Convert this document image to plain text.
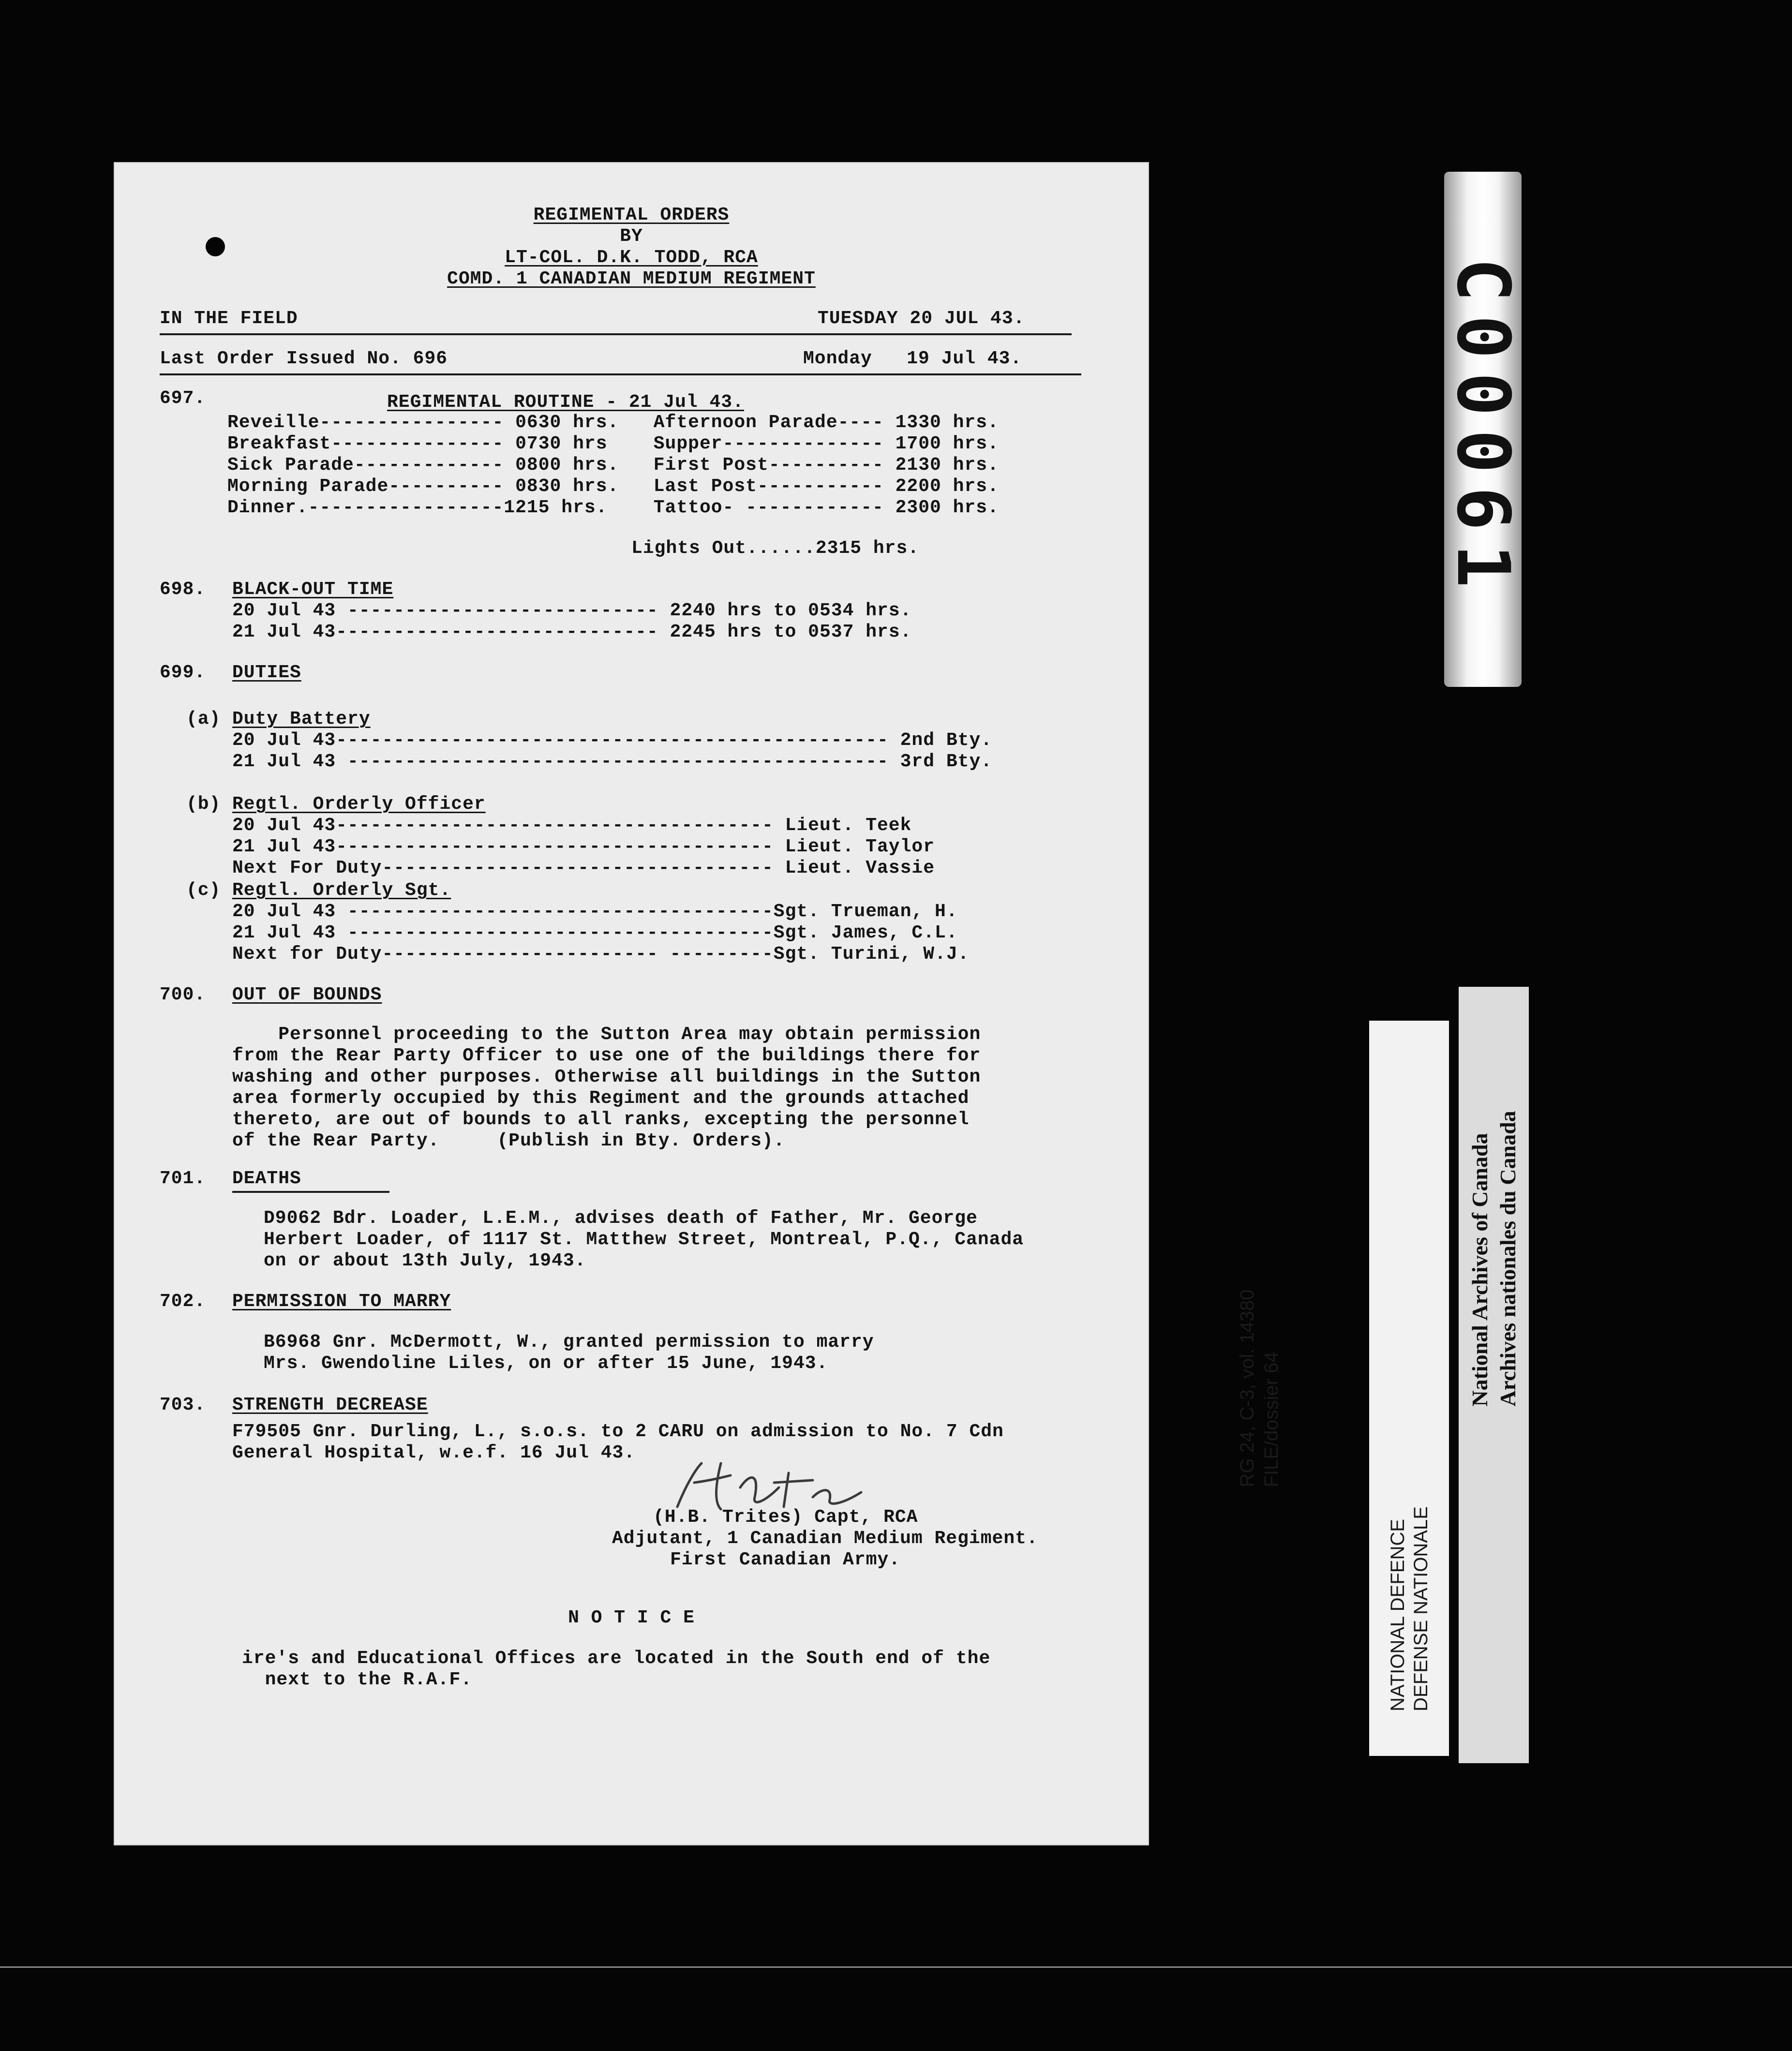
REGIMENTAL ORDERS
BY
LT-COL. D.K. TODD, RCA
COMD. 1 CANADIAN MEDIUM REGIMENT
IN THE FIELD	TUESDAY 20 JUL 43.
Last Order Issued No. 696	Monday   19 Jul 43.
697.	REGIMENTAL ROUTINE - 21 Jul 43.
Reveille---------------- 0630 hrs.   Afternoon Parade---- 1330 hrs.
Breakfast--------------- 0730 hrs    Supper-------------- 1700 hrs.
Sick Parade------------- 0800 hrs.   First Post---------- 2130 hrs.
Morning Parade---------- 0830 hrs.   Last Post----------- 2200 hrs.
Dinner.-----------------1215 hrs.    Tattoo- ------------ 2300 hrs.
Lights Out......2315 hrs.
698. BLACK-OUT TIME
20 Jul 43 --------------------------- 2240 hrs to 0534 hrs.
21 Jul 43---------------------------- 2245 hrs to 0537 hrs.
699. DUTIES
(a) Duty Battery
20 Jul 43------------------------------------------------ 2nd Bty.
21 Jul 43 ----------------------------------------------- 3rd Bty.
(b) Regtl. Orderly Officer
20 Jul 43-------------------------------------- Lieut. Teek
21 Jul 43-------------------------------------- Lieut. Taylor
Next For Duty---------------------------------- Lieut. Vassie
(c) Regtl. Orderly Sgt.
20 Jul 43 -------------------------------------Sgt. Trueman, H.
21 Jul 43 -------------------------------------Sgt. James, C.L.
Next for Duty------------------------ ---------Sgt. Turini, W.J.
700. OUT OF BOUNDS
Personnel proceeding to the Sutton Area may obtain permission
from the Rear Party Officer to use one of the buildings there for
washing and other purposes. Otherwise all buildings in the Sutton
area formerly occupied by this Regiment and the grounds attached
thereto, are out of bounds to all ranks, excepting the personnel
of the Rear Party.     (Publish in Bty. Orders).
701. DEATHS
D9062 Bdr. Loader, L.E.M., advises death of Father, Mr. George
Herbert Loader, of 1117 St. Matthew Street, Montreal, P.Q., Canada
on or about 13th July, 1943.
702. PERMISSION TO MARRY
B6968 Gnr. McDermott, W., granted permission to marry
Mrs. Gwendoline Liles, on or after 15 June, 1943.
703. STRENGTH DECREASE
F79505 Gnr. Durling, L., s.o.s. to 2 CARU on admission to No. 7 Cdn
General Hospital, w.e.f. 16 Jul 43.
(H.B. Trites) Capt, RCA
Adjutant, 1 Canadian Medium Regiment.
First Canadian Army.
N O T I C E
ire's and Educational Offices are located in the South end of the
next to the R.A.F.
C00061
RG 24, C-3, vol. 14380 FILE/dossier 64
NATIONAL DEFENCE DEFENSE NATIONALE
National Archives of Canada Archives nationales du Canada
